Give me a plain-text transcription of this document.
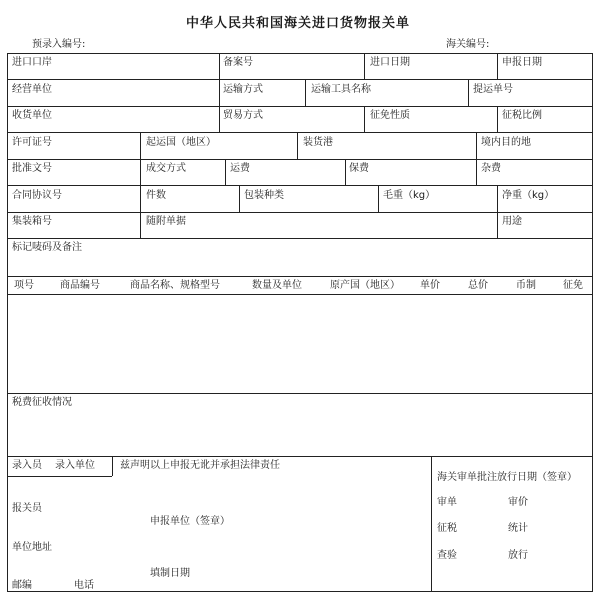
中华人民共和国海关进口货物报关单
预录入编号:	海关编号:
进口口岸	备案号	进口日期	申报日期
经营单位	运输方式	运输工具名称	提运单号
收货单位	贸易方式	征免性质	征税比例
许可证号	起运国（地区）	装货港	境内目的地
批准文号	成交方式	运费	保费	杂费
合同协议号	件数	包装种类	毛重（kg）	净重（kg）
集装箱号	随附单据	用途
标记唛码及备注
项号	商品编号	商品名称、规格型号	数量及单位	原产国（地区） 单价	总价	币制	征免
税费征收情况
录入员 录入单位	兹声明以上申报无讹并承担法律责任
报关员
申报单位（签章）
单位地址
填制日期
邮编	电话
海关审单批注放行日期（签章）
审单	审价
征税	统计
查验	放行
